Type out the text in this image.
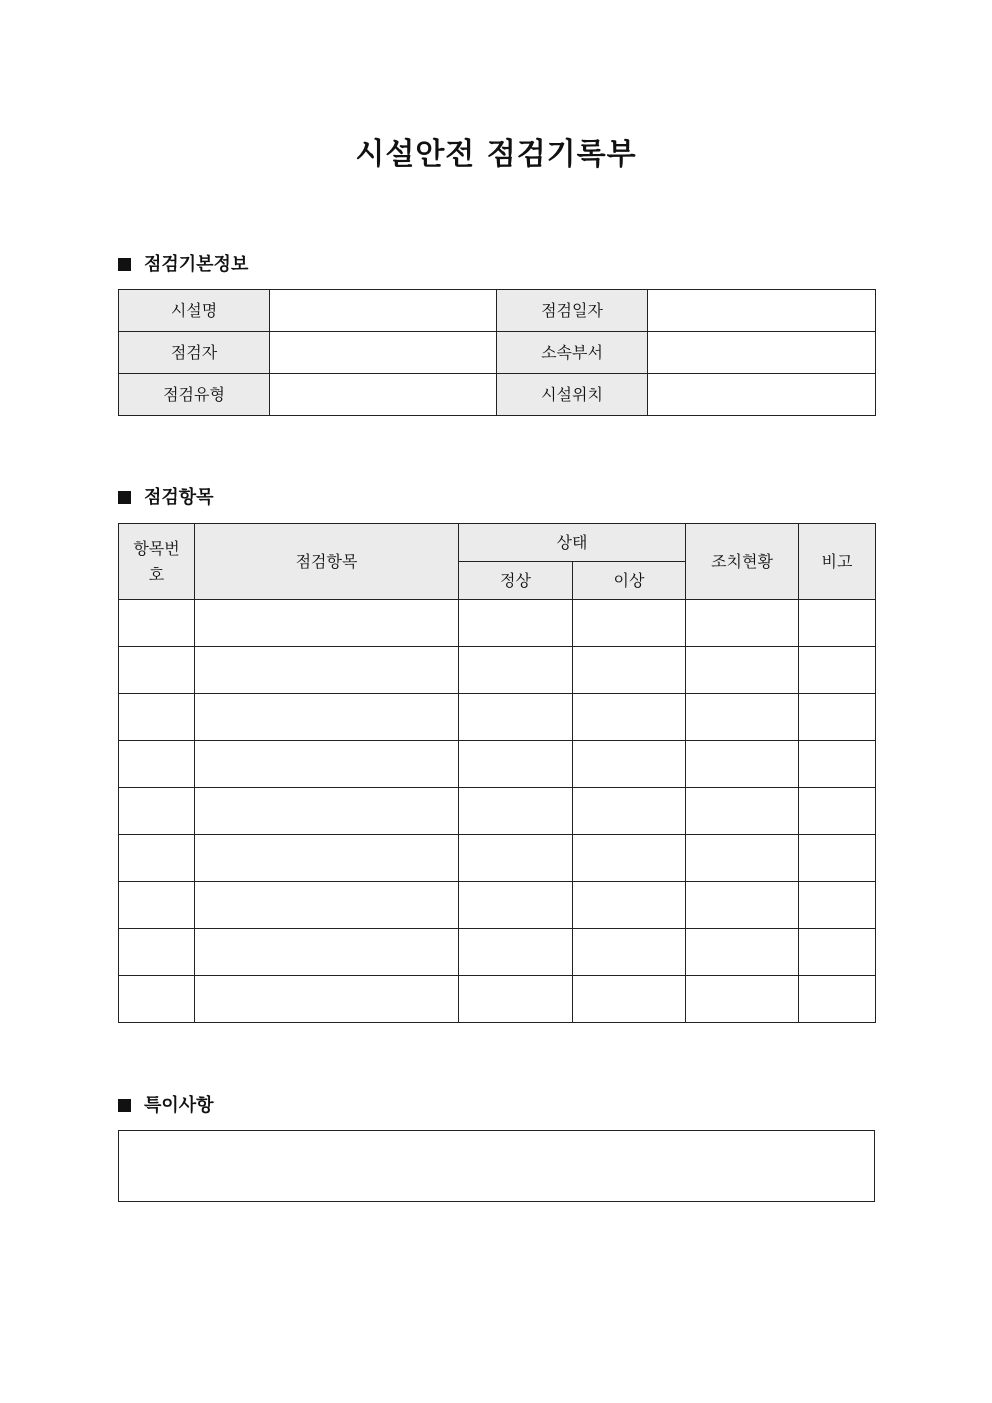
시설안전 점검기록부
점검기본정보
시설명		점검일자	
점검자		소속부서	
점검유형		시설위치	
점검항목
항목번호	점검항목	상태		조치현황	비고
		정상	이상		

특이사항
